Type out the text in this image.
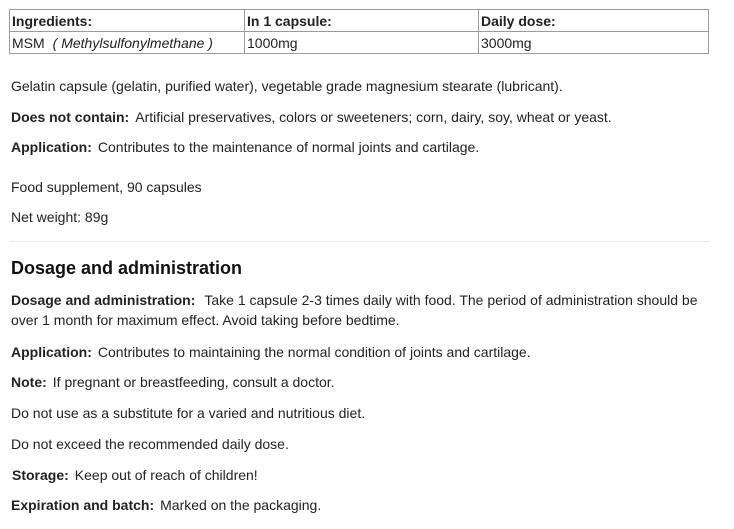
Ingredients:	In 1 capsule:	Daily dose:
MSM ( Methylsulfonylmethane )	1000mg	3000mg
Gelatin capsule (gelatin, purified water), vegetable grade magnesium stearate (lubricant).
Does not contain: Artificial preservatives, colors or sweeteners; corn, dairy, soy, wheat or yeast.
Application: Contributes to the maintenance of normal joints and cartilage.
Food supplement, 90 capsules
Net weight: 89g
Dosage and administration
Dosage and administration: Take 1 capsule 2-3 times daily with food. The period of administration should be over 1 month for maximum effect. Avoid taking before bedtime.
Application: Contributes to maintaining the normal condition of joints and cartilage.
Note: If pregnant or breastfeeding, consult a doctor.
Do not use as a substitute for a varied and nutritious diet.
Do not exceed the recommended daily dose.
Storage: Keep out of reach of children!
Expiration and batch: Marked on the packaging.
